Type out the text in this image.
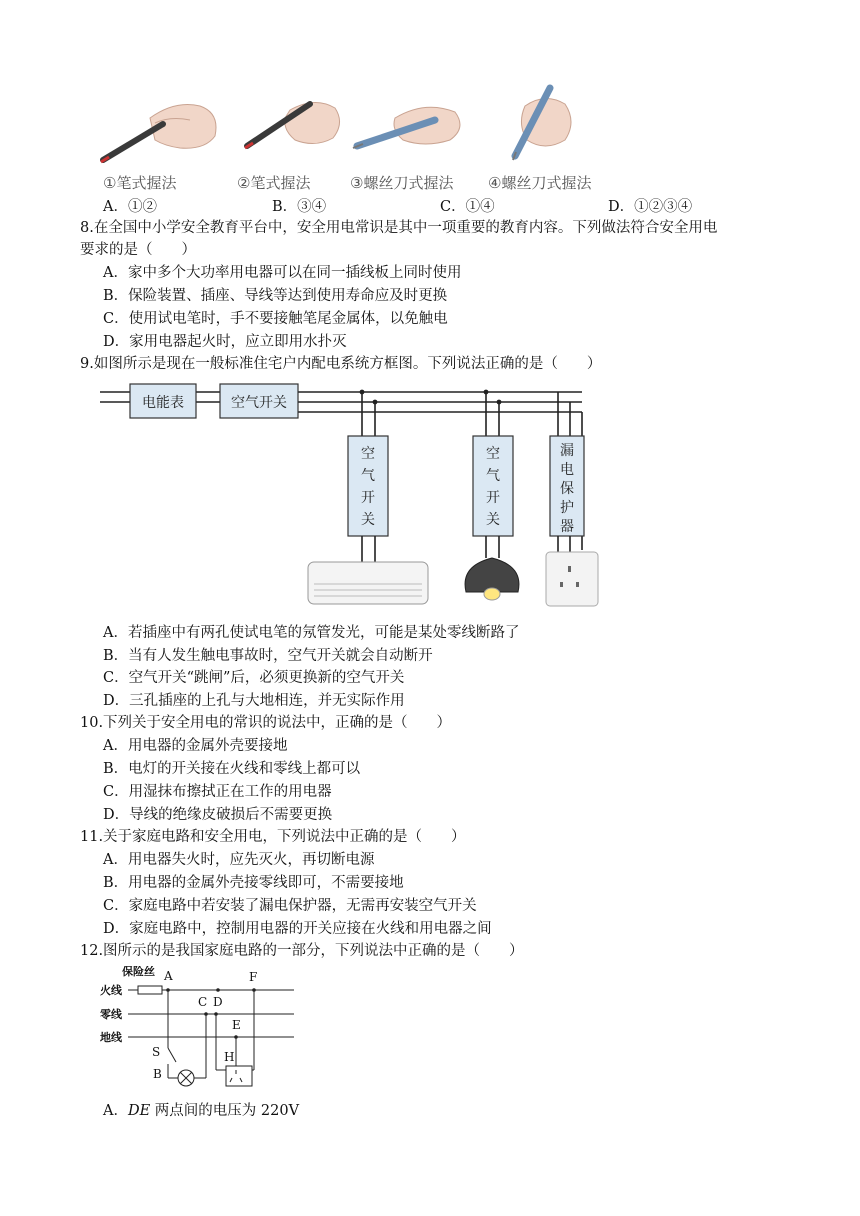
①笔式握法	②笔式握法	③螺丝刀式握法 ④螺丝刀式握法
A．①②	B．③④	C．①④	D．①②③④
8.在全国中小学安全教育平台中，安全用电常识是其中一项重要的教育内容。下列做法符合安全用电
要求的是（　　）
A．家中多个大功率用电器可以在同一插线板上同时使用
B．保险装置、插座、导线等达到使用寿命应及时更换
C．使用试电笔时，手不要接触笔尾金属体，以免触电
D．家用电器起火时，应立即用水扑灭
9.如图所示是现在一般标准住宅户内配电系统方框图。下列说法正确的是（　　）
电能表	空气开关
空
气
开
关
空
气
开
关
漏
电
保
护
器
A．若插座中有两孔使试电笔的氖管发光，可能是某处零线断路了
B．当有人发生触电事故时，空气开关就会自动断开
C．空气开关“跳闸”后，必须更换新的空气开关
D．三孔插座的上孔与大地相连，并无实际作用
10.下列关于安全用电的常识的说法中，正确的是（　　）
A．用电器的金属外壳要接地
B．电灯的开关接在火线和零线上都可以
C．用湿抹布擦拭正在工作的用电器
D．导线的绝缘皮破损后不需要更换
11.关于家庭电路和安全用电，下列说法中正确的是（　　）
A．用电器失火时，应先灭火，再切断电源
B．用电器的金属外壳接零线即可，不需要接地
C．家庭电路中若安装了漏电保护器，无需再安装空气开关
D．家庭电路中，控制用电器的开关应接在火线和用电器之间
12.图所示的是我国家庭电路的一部分，下列说法中正确的是（　　）
保险丝
火线
零线
地线
A
C D
F
E
S
B
H
A．DE 两点间的电压为 220V
